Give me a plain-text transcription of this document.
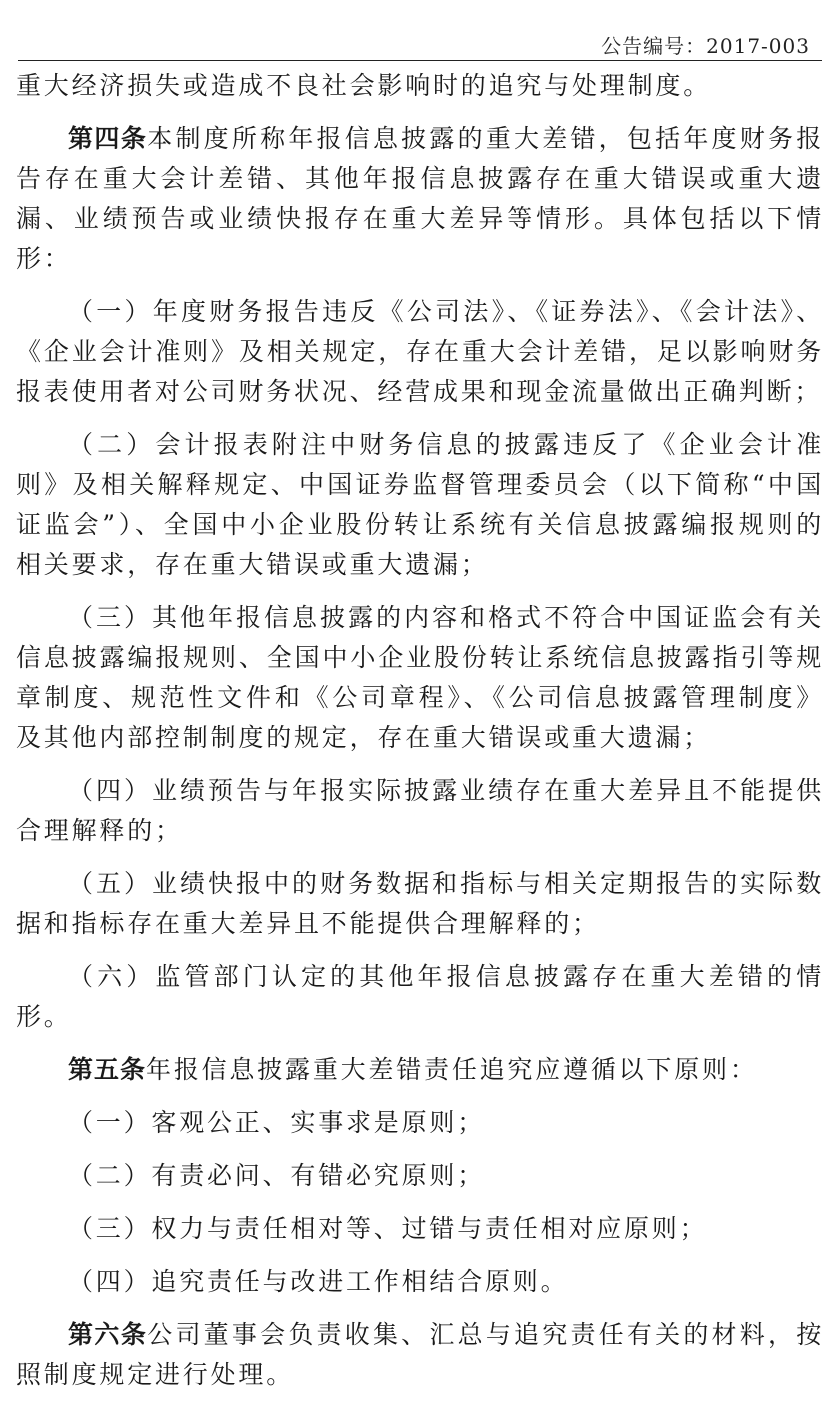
公告编号：2017-003

重大经济损失或造成不良社会影响时的追究与处理制度。

第四条本制度所称年报信息披露的重大差错，包括年度财务报告存在重大会计差错、其他年报信息披露存在重大错误或重大遗漏、业绩预告或业绩快报存在重大差异等情形。具体包括以下情形：

（一）年度财务报告违反《公司法》、《证券法》、《会计法》、《企业会计准则》及相关规定，存在重大会计差错，足以影响财务报表使用者对公司财务状况、经营成果和现金流量做出正确判断；

（二）会计报表附注中财务信息的披露违反了《企业会计准则》及相关解释规定、中国证券监督管理委员会（以下简称“中国证监会”）、全国中小企业股份转让系统有关信息披露编报规则的相关要求，存在重大错误或重大遗漏；

（三）其他年报信息披露的内容和格式不符合中国证监会有关信息披露编报规则、全国中小企业股份转让系统信息披露指引等规章制度、规范性文件和《公司章程》、《公司信息披露管理制度》及其他内部控制制度的规定，存在重大错误或重大遗漏；

（四）业绩预告与年报实际披露业绩存在重大差异且不能提供合理解释的；

（五）业绩快报中的财务数据和指标与相关定期报告的实际数据和指标存在重大差异且不能提供合理解释的；

（六）监管部门认定的其他年报信息披露存在重大差错的情形。

第五条年报信息披露重大差错责任追究应遵循以下原则：

（一）客观公正、实事求是原则；

（二）有责必问、有错必究原则；

（三）权力与责任相对等、过错与责任相对应原则；

（四）追究责任与改进工作相结合原则。

第六条公司董事会负责收集、汇总与追究责任有关的材料，按照制度规定进行处理。
